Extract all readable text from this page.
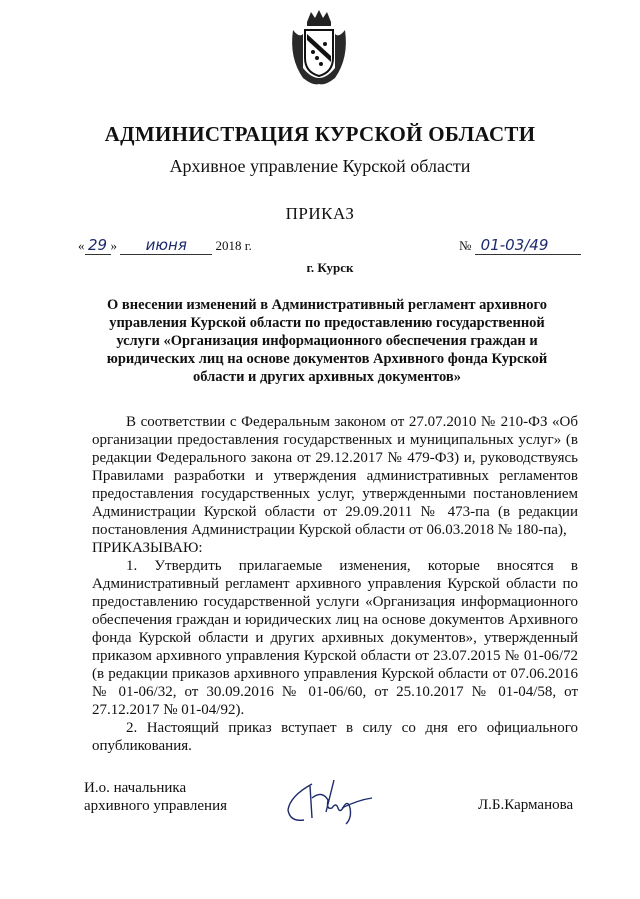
АДМИНИСТРАЦИЯ КУРСКОЙ ОБЛАСТИ
Архивное управление Курской области
ПРИКАЗ
« 29 » июня 2018 г.	№ 01-03/49
г. Курск
О внесении изменений в Административный регламент архивного управления Курской области по предоставлению государственной услуги «Организация информационного обеспечения граждан и юридических лиц на основе документов Архивного фонда Курской области и других архивных документов»

В соответствии с Федеральным законом от 27.07.2010 № 210-ФЗ «Об организации предоставления государственных и муниципальных услуг» (в редакции Федерального закона от 29.12.2017 № 479-ФЗ) и, руководствуясь Правилами разработки и утверждения административных регламентов предоставления государственных услуг, утвержденными постановлением Администрации Курской области от 29.09.2011 № 473-па (в редакции постановления Администрации Курской области от 06.03.2018 № 180-па),

ПРИКАЗЫВАЮ:

1. Утвердить прилагаемые изменения, которые вносятся в Административный регламент архивного управления Курской области по предоставлению государственной услуги «Организация информационного обеспечения граждан и юридических лиц на основе документов Архивного фонда Курской области и других архивных документов», утвержденный приказом архивного управления Курской области от 23.07.2015 № 01-06/72 (в редакции приказов архивного управления Курской области от 07.06.2016 № 01-06/32, от 30.09.2016 № 01-06/60, от 25.10.2017 № 01-04/58, от 27.12.2017 № 01-04/92).

2. Настоящий приказ вступает в силу со дня его официального опубликования.

И.о. начальника
архивного управления	Л.Б.Карманова
